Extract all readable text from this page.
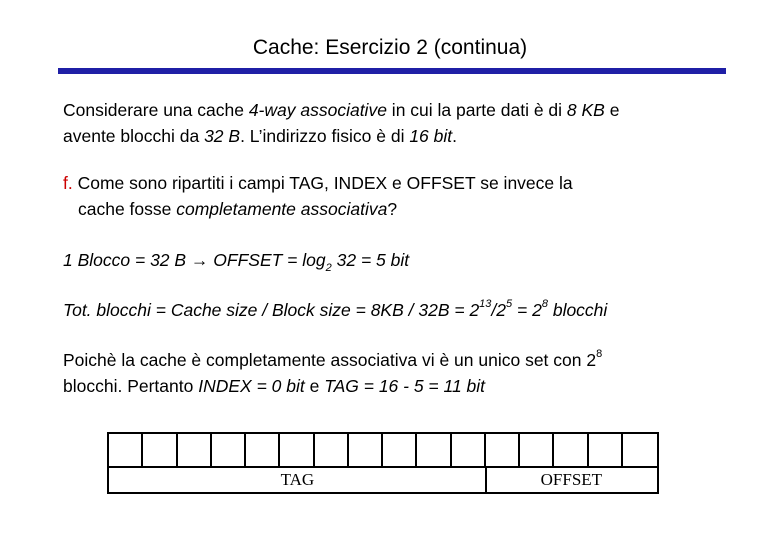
Cache: Esercizio 2 (continua)
Considerare una cache 4-way associative in cui la parte dati è di 8 KB e
avente blocchi da 32 B. L’indirizzo fisico è di 16 bit.
f. Come sono ripartiti i campi TAG, INDEX e OFFSET se invece la
cache fosse completamente associativa?
1 Blocco = 32 B → OFFSET = $\log_2 32 = 5$ bit
Tot. blocchi = Cache size / Block size = $8KB / 32B = 2^{13}/2^5 = 2^8$ blocchi
Poichè la cache è completamente associativa vi è un unico set con $2^8$
blocchi. Pertanto INDEX = 0 bit e TAG = 16 - 5 = 11 bit
TAG	OFFSET
